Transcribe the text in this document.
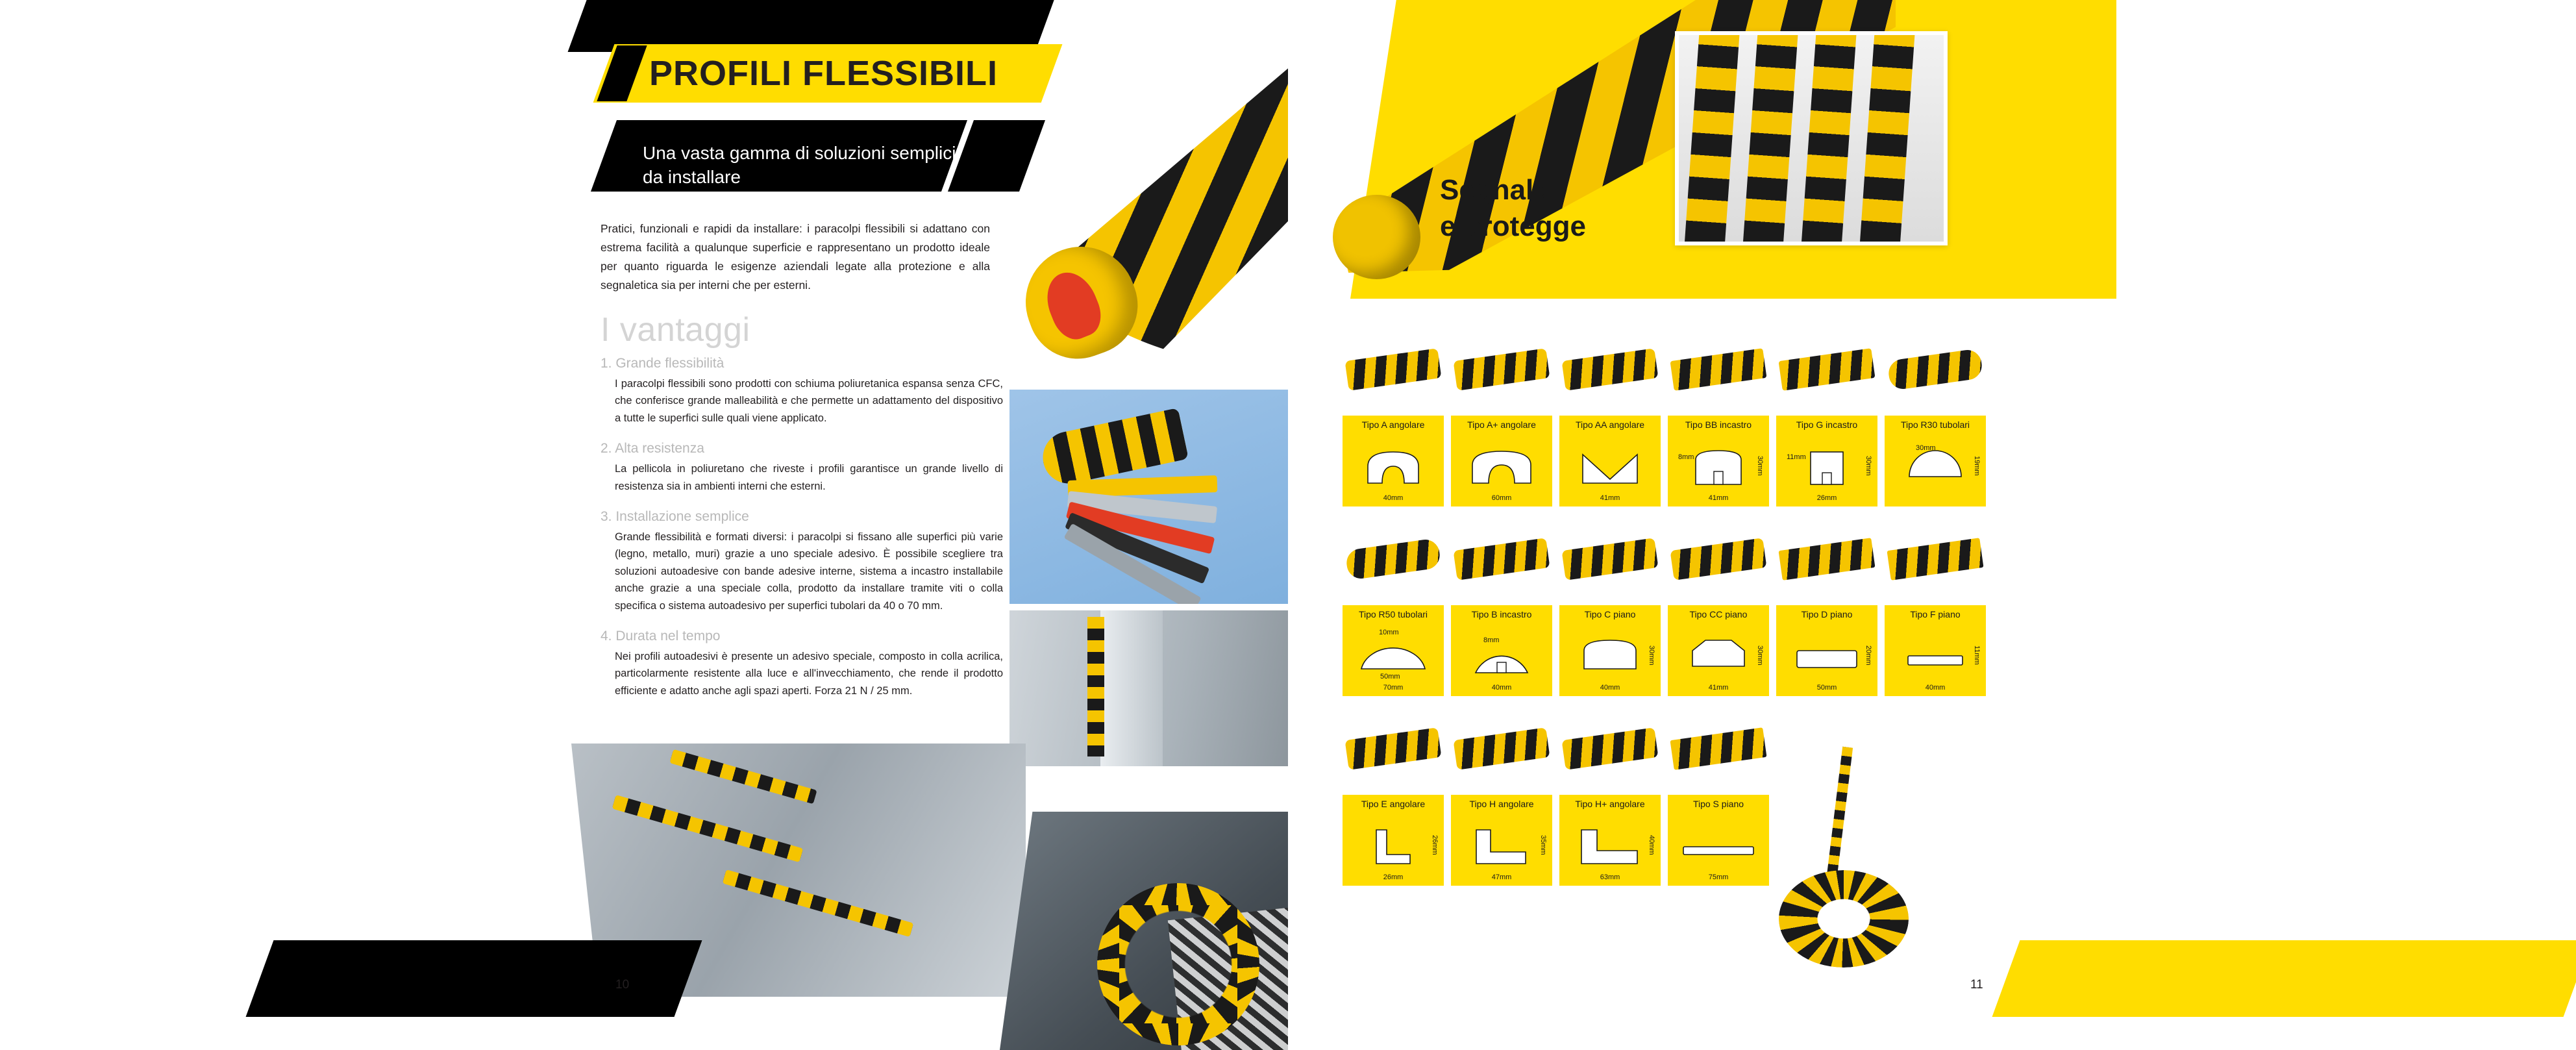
PROFILI FLESSIBILI
Una vasta gamma di soluzioni semplici da installare
Pratici, funzionali e rapidi da installare: i paracolpi flessibili si adattano con estrema facilità a qualunque superficie e rappresentano un prodotto ideale per quanto riguarda le esigenze aziendali legate alla protezione e alla segnaletica sia per interni che per esterni.
I vantaggi
1. Grande flessibilità
I paracolpi flessibili sono prodotti con schiuma poliuretanica espansa senza CFC, che conferisce grande malleabilità e che permette un adattamento del dispositivo a tutte le superfici sulle quali viene applicato.
2. Alta resistenza
La pellicola in poliuretano che riveste i profili garantisce un grande livello di resistenza sia in ambienti interni che esterni.
3. Installazione semplice
Grande flessibilità e formati diversi: i paracolpi si fissano alle superfici più varie (legno, metallo, muri) grazie a uno speciale adesivo. È possibile scegliere tra soluzioni autoadesive con bande adesive interne, sistema a incastro installabile anche grazie a una speciale colla, prodotto da installare tramite viti o colla specifica o sistema autoadesivo per superfici tubolari da 40 o 70 mm.
4. Durata nel tempo
Nei profili autoadesivi è presente un adesivo speciale, composto in colla acrilica, particolarmente resistente alla luce e all'invecchiamento, che rende il prodotto efficiente e adatto anche agli spazi aperti. Forza 21 N / 25 mm.
10
Segnala
e protegge
Tipo A angolare
40mm
Tipo A+ angolare
60mm
Tipo AA angolare
41mm
Tipo BB incastro
8mm	30mm
41mm
Tipo G incastro
11mm	30mm
26mm
Tipo R30 tubolari
30mm
19mm
Tipo R50 tubolari
10mm
50mm
70mm
Tipo B incastro
8mm
40mm
Tipo C piano
30mm
40mm
Tipo CC piano
30mm
41mm
Tipo D piano
20mm
50mm
Tipo F piano
11mm
40mm
Tipo E angolare
26mm
26mm
Tipo H angolare
35mm
47mm
Tipo H+ angolare
40mm
63mm
Tipo S piano
75mm
11
